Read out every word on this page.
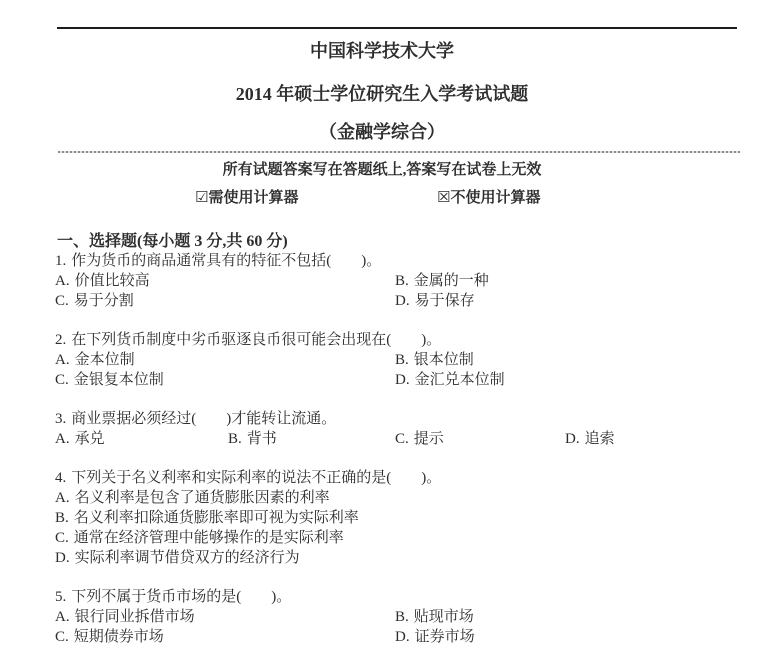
中国科学技术大学
2014 年硕士学位研究生入学考试试题
（金融学综合）
所有试题答案写在答题纸上,答案写在试卷上无效
☑需使用计算器	☒不使用计算器
一、选择题(每小题 3 分,共 60 分)
1. 作为货币的商品通常具有的特征不包括(        )。
A. 价值比较高	B. 金属的一种
C. 易于分割	D. 易于保存
2. 在下列货币制度中劣币驱逐良币很可能会出现在(        )。
A. 金本位制	B. 银本位制
C. 金银复本位制	D. 金汇兑本位制
3. 商业票据必须经过(        )才能转让流通。
A. 承兑	B. 背书	C. 提示	D. 追索
4. 下列关于名义利率和实际利率的说法不正确的是(        )。
A. 名义利率是包含了通货膨胀因素的利率
B. 名义利率扣除通货膨胀率即可视为实际利率
C. 通常在经济管理中能够操作的是实际利率
D. 实际利率调节借贷双方的经济行为
5. 下列不属于货币市场的是(        )。
A. 银行同业拆借市场	B. 贴现市场
C. 短期债券市场	D. 证券市场
